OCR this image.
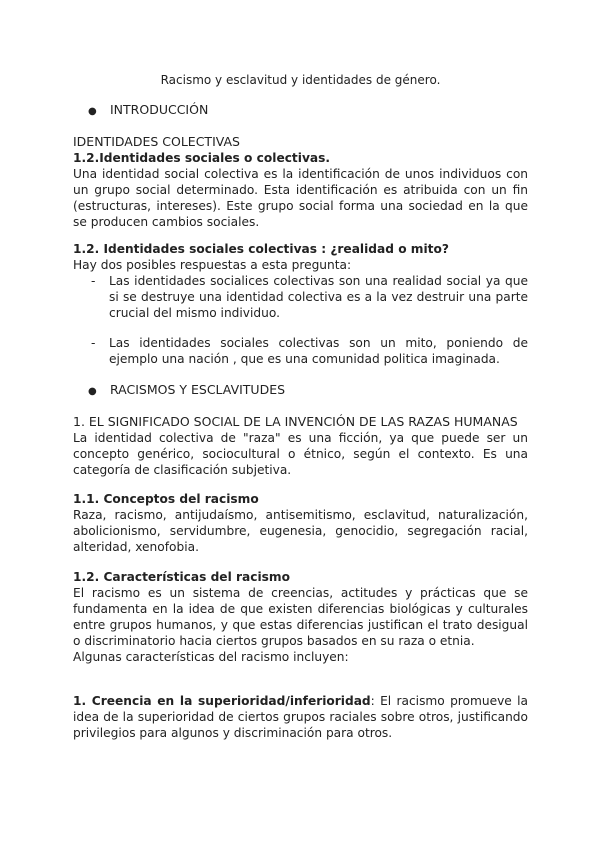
Racismo y esclavitud y identidades de género.
● INTRODUCCIÓN
IDENTIDADES COLECTIVAS
1.2.Identidades sociales o colectivas.
Una identidad social colectiva es la identificación de unos individuos con un grupo social determinado. Esta identificación es atribuida con un fin (estructuras, intereses). Este grupo social forma una sociedad en la que se producen cambios sociales.
1.2. Identidades sociales colectivas : ¿realidad o mito?
Hay dos posibles respuestas a esta pregunta:
- Las identidades socialices colectivas son una realidad social ya que si se destruye una identidad colectiva es a la vez destruir una parte crucial del mismo individuo.
- Las identidades sociales colectivas son un mito, poniendo de ejemplo una nación , que es una comunidad politica imaginada.
● RACISMOS Y ESCLAVITUDES
1. EL SIGNIFICADO SOCIAL DE LA INVENCIÓN DE LAS RAZAS HUMANAS
La identidad colectiva de "raza" es una ficción, ya que puede ser un concepto genérico, sociocultural o étnico, según el contexto. Es una categoría de clasificación subjetiva.
1.1. Conceptos del racismo
Raza, racismo, antijudaísmo, antisemitismo, esclavitud, naturalización, abolicionismo, servidumbre, eugenesia, genocidio, segregación racial, alteridad, xenofobia.
1.2. Características del racismo
El racismo es un sistema de creencias, actitudes y prácticas que se fundamenta en la idea de que existen diferencias biológicas y culturales entre grupos humanos, y que estas diferencias justifican el trato desigual o discriminatorio hacia ciertos grupos basados en su raza o etnia.
Algunas características del racismo incluyen:
1. Creencia en la superioridad/inferioridad: El racismo promueve la idea de la superioridad de ciertos grupos raciales sobre otros, justificando privilegios para algunos y discriminación para otros.
